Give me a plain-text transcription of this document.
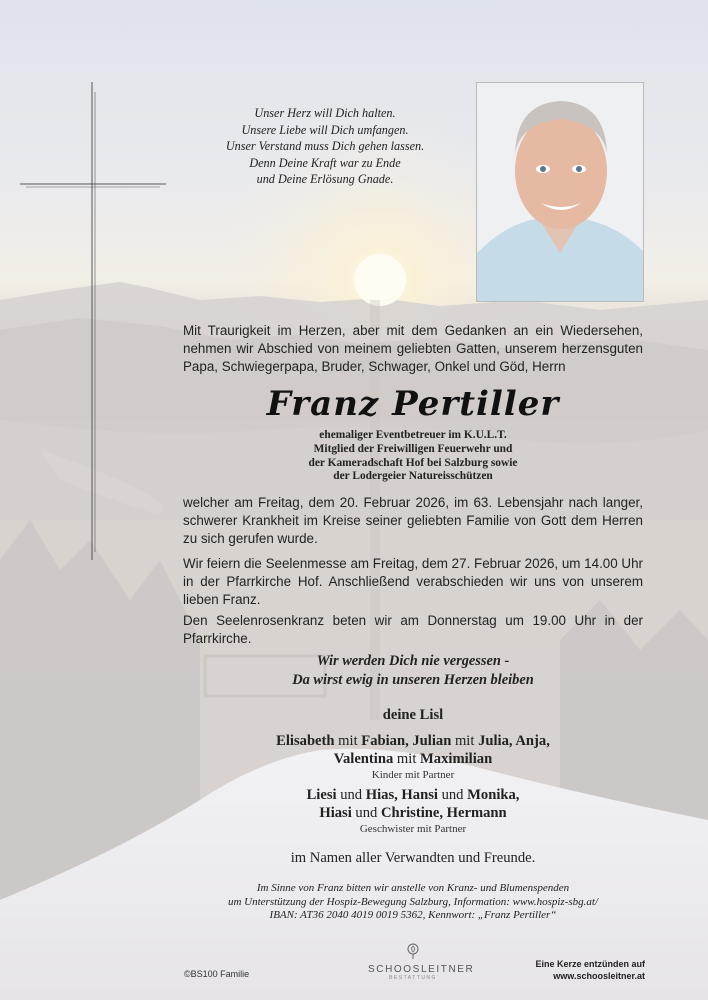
Unser Herz will Dich halten.
Unsere Liebe will Dich umfangen.
Unser Verstand muss Dich gehen lassen.
Denn Deine Kraft war zu Ende
und Deine Erlösung Gnade.
Mit Traurigkeit im Herzen, aber mit dem Gedanken an ein Wiedersehen, nehmen wir Abschied von meinem geliebten Gatten, unserem herzensguten Papa, Schwiegerpapa, Bruder, Schwager, Onkel und Göd, Herrn
Franz Pertiller
ehemaliger Eventbetreuer im K.U.L.T.
Mitglied der Freiwilligen Feuerwehr und
der Kameradschaft Hof bei Salzburg sowie
der Lodergeier Natureisschützen
welcher am Freitag, dem 20. Februar 2026, im 63. Lebensjahr nach langer, schwerer Krankheit im Kreise seiner geliebten Familie von Gott dem Herren zu sich gerufen wurde.
Wir feiern die Seelenmesse am Freitag, dem 27. Februar 2026, um 14.00 Uhr in der Pfarrkirche Hof. Anschließend verabschieden wir uns von unserem lieben Franz.
Den Seelenrosenkranz beten wir am Donnerstag um 19.00 Uhr in der Pfarrkirche.
Wir werden Dich nie vergessen -
Da wirst ewig in unseren Herzen bleiben
deine Lisl
Elisabeth mit Fabian, Julian mit Julia, Anja,
Valentina mit Maximilian
Kinder mit Partner
Liesi und Hias, Hansi und Monika,
Hiasi und Christine, Hermann
Geschwister mit Partner
im Namen aller Verwandten und Freunde.
Im Sinne von Franz bitten wir anstelle von Kranz- und Blumenspenden
um Unterstützung der Hospiz-Bewegung Salzburg, Information: www.hospiz-sbg.at/
IBAN: AT36 2040 4019 0019 5362, Kennwort: „Franz Pertiller“
©BS100 Familie	SCHOOSLEITNER
BESTATTUNG
Eine Kerze entzünden auf
www.schoosleitner.at
